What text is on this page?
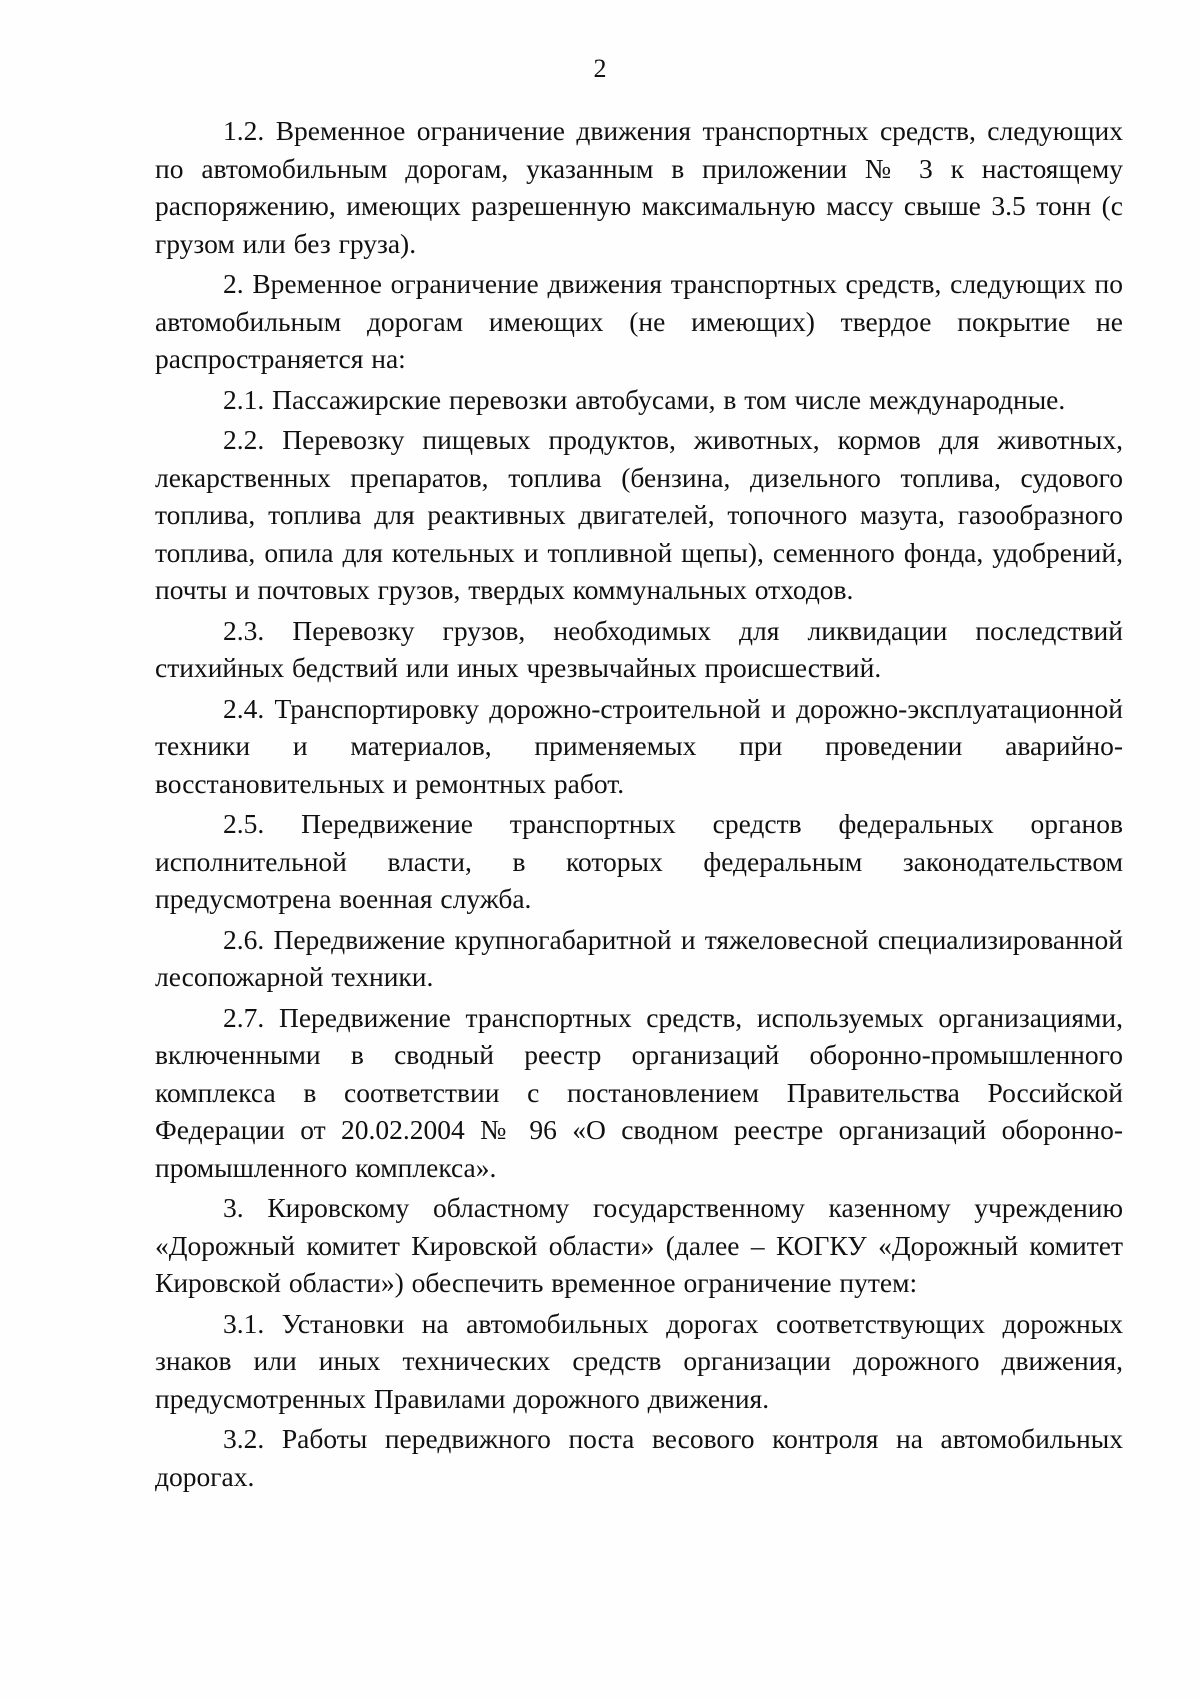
2

1.2. Временное ограничение движения транспортных средств, следующих по автомобильным дорогам, указанным в приложении № 3 к настоящему распоряжению, имеющих разрешенную максимальную массу свыше 3.5 тонн (с грузом или без груза).

2. Временное ограничение движения транспортных средств, следующих по автомобильным дорогам имеющих (не имеющих) твердое покрытие не распространяется на:

2.1. Пассажирские перевозки автобусами, в том числе международные.

2.2. Перевозку пищевых продуктов, животных, кормов для животных, лекарственных препаратов, топлива (бензина, дизельного топлива, судового топлива, топлива для реактивных двигателей, топочного мазута, газообразного топлива, опила для котельных и топливной щепы), семенного фонда, удобрений, почты и почтовых грузов, твердых коммунальных отходов.

2.3. Перевозку грузов, необходимых для ликвидации последствий стихийных бедствий или иных чрезвычайных происшествий.

2.4. Транспортировку дорожно-строительной и дорожно-эксплуатационной техники и материалов, применяемых при проведении аварийно-восстановительных и ремонтных работ.

2.5. Передвижение транспортных средств федеральных органов исполнительной власти, в которых федеральным законодательством предусмотрена военная служба.

2.6. Передвижение крупногабаритной и тяжеловесной специализированной лесопожарной техники.

2.7. Передвижение транспортных средств, используемых организациями, включенными в сводный реестр организаций оборонно-промышленного комплекса в соответствии с постановлением Правительства Российской Федерации от 20.02.2004 № 96 «О сводном реестре организаций оборонно-промышленного комплекса».

3. Кировскому областному государственному казенному учреждению «Дорожный комитет Кировской области» (далее – КОГКУ «Дорожный комитет Кировской области») обеспечить временное ограничение путем:

3.1. Установки на автомобильных дорогах соответствующих дорожных знаков или иных технических средств организации дорожного движения, предусмотренных Правилами дорожного движения.

3.2. Работы передвижного поста весового контроля на автомобильных дорогах.
